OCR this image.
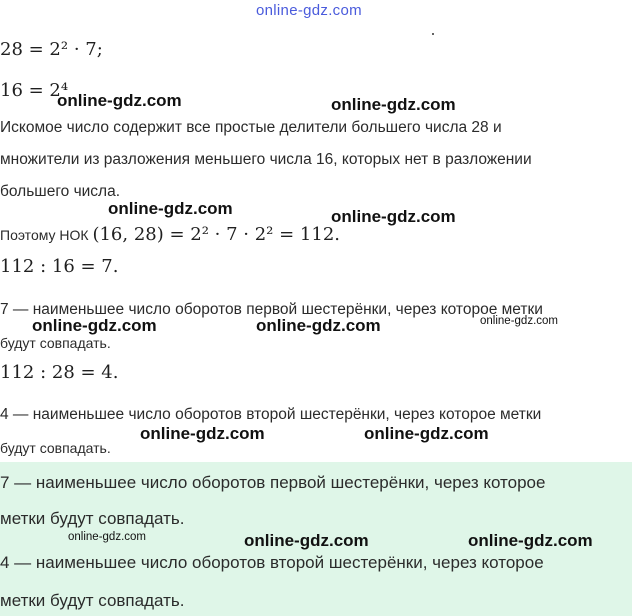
online-gdz.com
28 = 2² · 7;
16 = 2⁴
Искомое число содержит все простые делители большего числа 28 и
множители из разложения меньшего числа 16, которых нет в разложении
большего числа.
Поэтому НОК (16, 28) = 2² · 7 · 2² = 112.
112 : 16 = 7.
7 — наименьшее число оборотов первой шестерёнки, через которое метки
будут совпадать.
112 : 28 = 4.
4 — наименьшее число оборотов второй шестерёнки, через которое метки
будут совпадать.
7 — наименьшее число оборотов первой шестерёнки, через которое
метки будут совпадать.
4 — наименьшее число оборотов второй шестерёнки, через которое
метки будут совпадать.
online-gdz.com	online-gdz.com
online-gdz.com	online-gdz.com
online-gdz.com	online-gdz.com	online-gdz.com
online-gdz.com	online-gdz.com
online-gdz.com	online-gdz.com	online-gdz.com
